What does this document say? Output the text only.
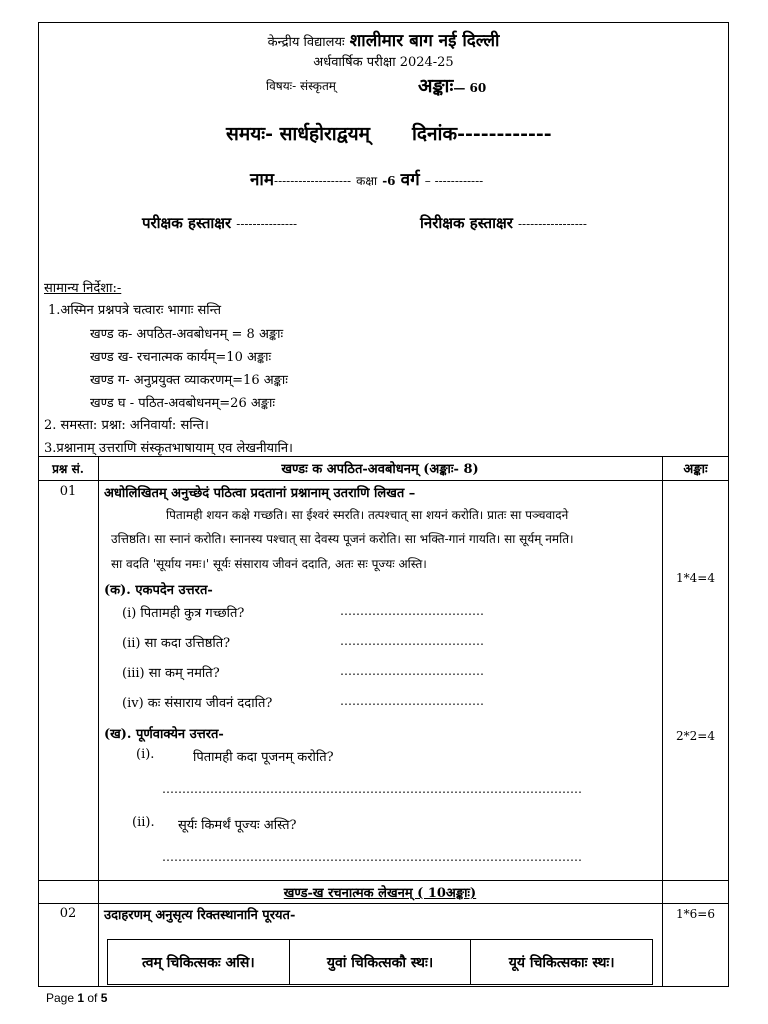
केन्द्रीय विद्यालयः शालीमार बाग नई दिल्ली
अर्धवार्षिक परीक्षा 2024-25
विषयः- संस्कृतम्	अङ्काः— 60
समयः- सार्धहोराद्वयम् दिनांक------------
नाम------------------- कक्षा -6 वर्ग – ------------
परीक्षक हस्ताक्षर ---------------	निरीक्षक हस्ताक्षर -----------------
सामान्य निर्देशा:-
1.अस्मिन प्रश्नपत्रे चत्वारः भागाः सन्ति
खण्ड क- अपठित-अवबोधनम् = 8 अङ्काः
खण्ड ख- रचनात्मक कार्यम्=10 अङ्काः
खण्ड ग- अनुप्रयुक्त व्याकरणम्=16 अङ्काः
खण्ड घ - पठित-अवबोधनम्=26 अङ्काः
2. समस्ता: प्रश्ना: अनिवार्या: सन्ति।
3.प्रश्नानाम् उत्तराणि संस्कृतभाषायाम् एव लेखनीयानि।
प्रश्न सं.	खण्डः क अपठित-अवबोधनम् (अङ्काः- 8)	अङ्काः
01	अधोलिखितम् अनुच्छेदं पठित्वा प्रदतानां प्रश्नानाम् उतराणि लिखत –
पितामही शयन कक्षे गच्छति। सा ईश्वरं स्मरति। तत्पश्चात् सा शयनं करोति। प्रातः सा पञ्चवादने
उत्तिष्ठति। सा स्नानं करोति। स्नानस्य पश्चात् सा देवस्य पूजनं करोति। सा भक्ति-गानं गायति। सा सूर्यम् नमति।
सा वदति 'सूर्याय नमः।' सूर्यः संसाराय जीवनं ददाति, अतः सः पूज्यः अस्ति।
(क). एकपदेन उत्तरत-
1*4=4
(i) पितामही कुत्र गच्छति?	………………………………
(ii) सा कदा उत्तिष्ठति?	………………………………
(iii) सा कम् नमति?	………………………………
(iv) कः संसाराय जीवनं ददाति?	………………………………
(ख). पूर्णवाक्येन उत्तरत-	2*2=4
(i).	पितामही कदा पूजनम् करोति?
……………………………………………………………………………………………
(ii). सूर्यः किमर्थं पूज्यः अस्ति?
……………………………………………………………………………………………
खण्ड-ख रचनात्मक लेखनम् ( 10अङ्काः)
02	उदाहरणम् अनुसृत्य रिक्तस्थानानि पूरयत-	1*6=6
त्वम् चिकित्सकः असि।	युवां चिकित्सकौ स्थः।	यूयं चिकित्सकाः स्थः।
Page 1 of 5
